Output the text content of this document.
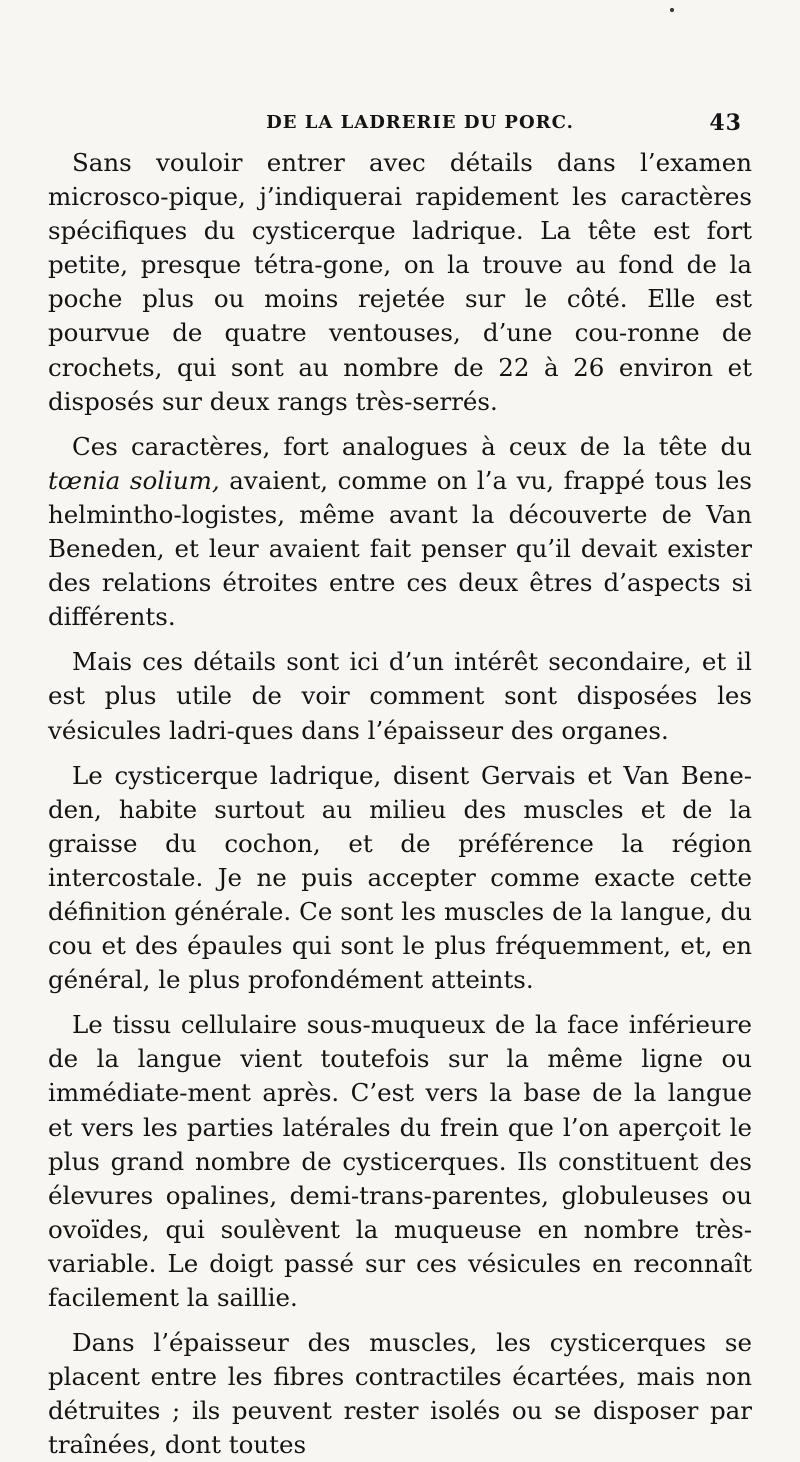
DE LA LADRERIE DU PORC.	43

Sans vouloir entrer avec détails dans l’examen microsco-pique, j’indiquerai rapidement les caractères spécifiques du cysticerque ladrique. La tête est fort petite, presque tétra-gone, on la trouve au fond de la poche plus ou moins rejetée sur le côté. Elle est pourvue de quatre ventouses, d’une cou-ronne de crochets, qui sont au nombre de 22 à 26 environ et disposés sur deux rangs très-serrés.

Ces caractères, fort analogues à ceux de la tête du tœnia solium, avaient, comme on l’a vu, frappé tous les helmintho-logistes, même avant la découverte de Van Beneden, et leur avaient fait penser qu’il devait exister des relations étroites entre ces deux êtres d’aspects si différents.

Mais ces détails sont ici d’un intérêt secondaire, et il est plus utile de voir comment sont disposées les vésicules ladri-ques dans l’épaisseur des organes.

Le cysticerque ladrique, disent Gervais et Van Bene-den, habite surtout au milieu des muscles et de la graisse du cochon, et de préférence la région intercostale. Je ne puis accepter comme exacte cette définition générale. Ce sont les muscles de la langue, du cou et des épaules qui sont le plus fréquemment, et, en général, le plus profondément atteints.

Le tissu cellulaire sous-muqueux de la face inférieure de la langue vient toutefois sur la même ligne ou immédiate-ment après. C’est vers la base de la langue et vers les parties latérales du frein que l’on aperçoit le plus grand nombre de cysticerques. Ils constituent des élevures opalines, demi-trans-parentes, globuleuses ou ovoïdes, qui soulèvent la muqueuse en nombre très-variable. Le doigt passé sur ces vésicules en reconnaît facilement la saillie.

Dans l’épaisseur des muscles, les cysticerques se placent entre les fibres contractiles écartées, mais non détruites ; ils peuvent rester isolés ou se disposer par traînées, dont toutes
